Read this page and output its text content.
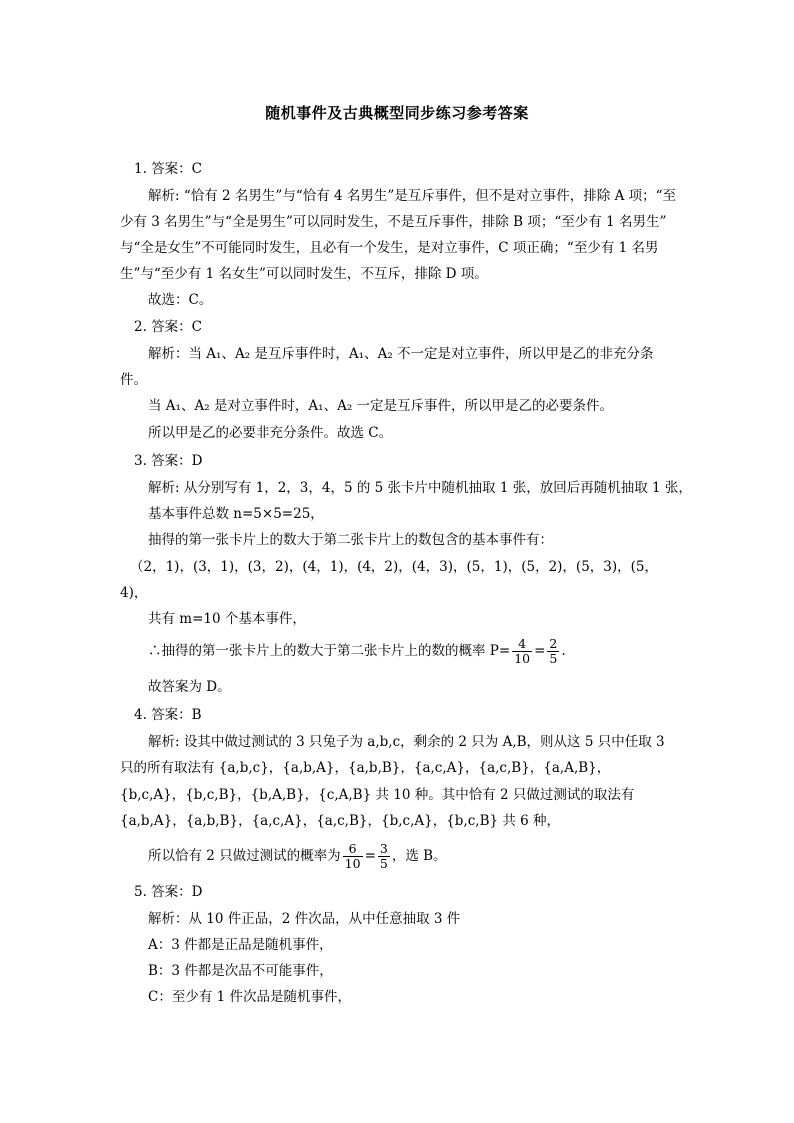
随机事件及古典概型同步练习参考答案
1. 答案：C
解析: “恰有 2 名男生”与“恰有 4 名男生”是互斥事件，但不是对立事件，排除 A 项；“至
少有 3 名男生”与“全是男生”可以同时发生，不是互斥事件，排除 B 项；“至少有 1 名男生”
与“全是女生”不可能同时发生，且必有一个发生，是对立事件，C 项正确；“至少有 1 名男
生”与“至少有 1 名女生”可以同时发生，不互斥，排除 D 项。
故选：C。
2. 答案：C
解析：当 A₁、A₂ 是互斥事件时，A₁、A₂ 不一定是对立事件，所以甲是乙的非充分条
件。
当 A₁、A₂ 是对立事件时，A₁、A₂ 一定是互斥事件，所以甲是乙的必要条件。
所以甲是乙的必要非充分条件。故选 C。
3. 答案：D
解析: 从分别写有 1，2，3，4，5 的 5 张卡片中随机抽取 1 张，放回后再随机抽取 1 张，
基本事件总数 n=5×5=25，
抽得的第一张卡片上的数大于第二张卡片上的数包含的基本事件有：
（2，1)，(3，1)，(3，2)，(4，1)，(4，2)，(4，3)，(5，1)，(5，2)，(5，3)，(5，
4)，
共有 m=10 个基本事件，
∴抽得的第一张卡片上的数大于第二张卡片上的数的概率 $P= \frac{4}{10} = \frac{2}{5}$ .
故答案为 D。
4. 答案：B
解析: 设其中做过测试的 3 只兔子为 a,b,c，剩余的 2 只为 A,B，则从这 5 只中任取 3
只的所有取法有 {a,b,c}，{a,b,A}，{a,b,B}，{a,c,A}，{a,c,B}，{a,A,B}，
{b,c,A}，{b,c,B}，{b,A,B}，{c,A,B} 共 10 种。其中恰有 2 只做过测试的取法有
{a,b,A}，{a,b,B}，{a,c,A}，{a,c,B}，{b,c,A}，{b,c,B} 共 6 种，
所以恰有 2 只做过测试的概率为 $\frac{6}{10} = \frac{3}{5}$ ，选 B。
5. 答案：D
解析：从 10 件正品，2 件次品，从中任意抽取 3 件
A：3 件都是正品是随机事件，
B：3 件都是次品不可能事件，
C：至少有 1 件次品是随机事件，
